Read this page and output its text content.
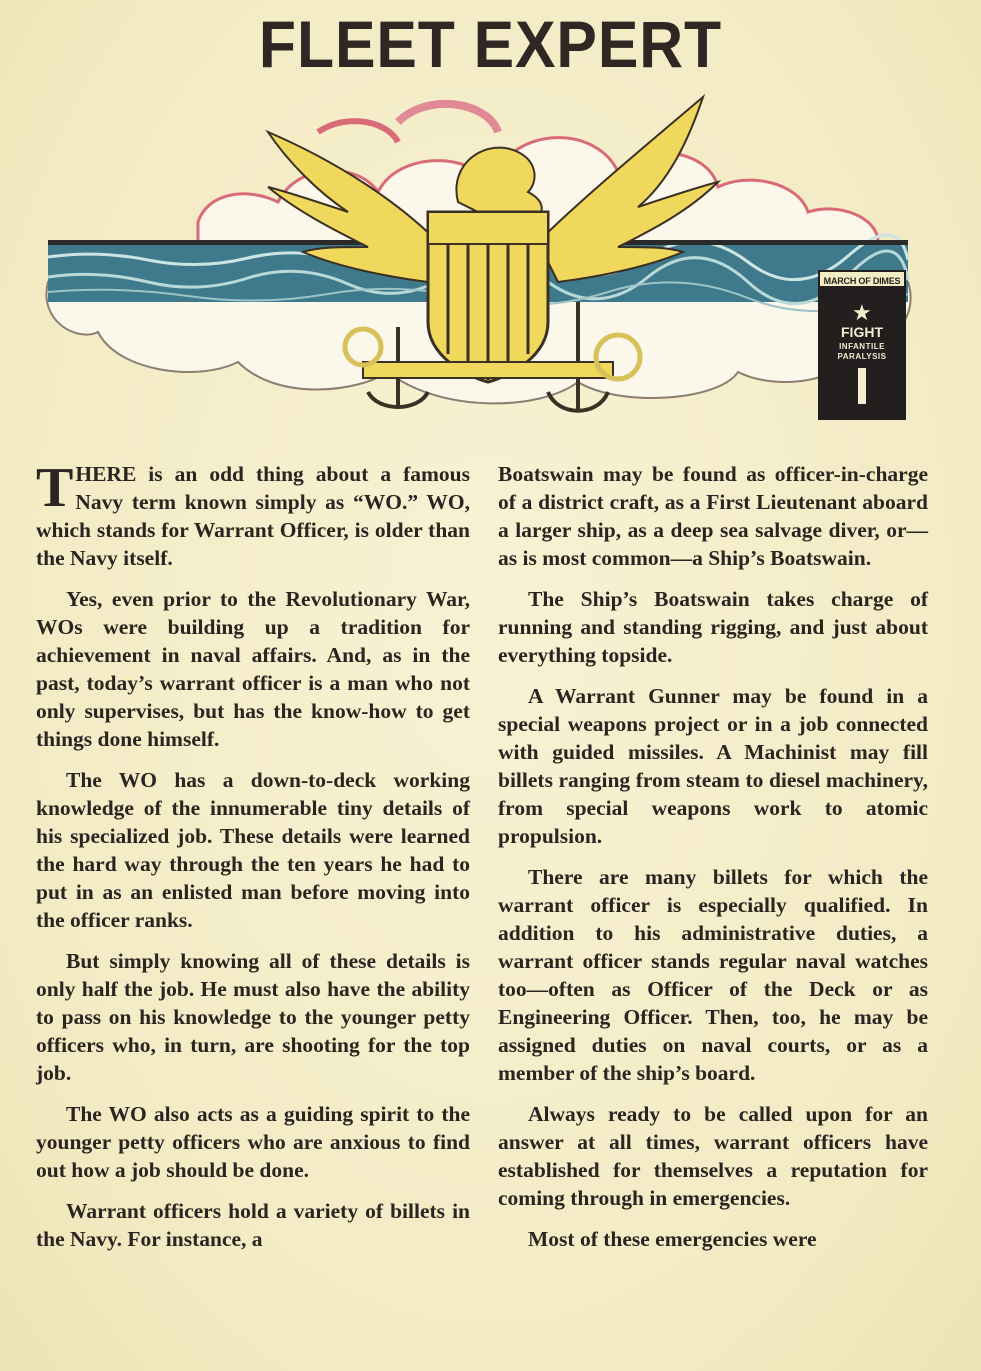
FLEET EXPERT
MARCH OF DIMES
★
FIGHT
INFANTILE
PARALYSIS

THERE is an odd thing about a famous Navy term known simply as “WO.” WO, which stands for Warrant Officer, is older than the Navy itself.

Yes, even prior to the Revolutionary War, WOs were building up a tradition for achievement in naval affairs. And, as in the past, today’s warrant officer is a man who not only supervises, but has the know-how to get things done himself.

The WO has a down-to-deck working knowledge of the innumerable tiny details of his specialized job. These details were learned the hard way through the ten years he had to put in as an enlisted man before moving into the officer ranks.

But simply knowing all of these details is only half the job. He must also have the ability to pass on his knowledge to the younger petty officers who, in turn, are shooting for the top job.

The WO also acts as a guiding spirit to the younger petty officers who are anxious to find out how a job should be done.

Warrant officers hold a variety of billets in the Navy. For instance, a

Boatswain may be found as officer-in-charge of a district craft, as a First Lieutenant aboard a larger ship, as a deep sea salvage diver, or—as is most common—a Ship’s Boatswain.

The Ship’s Boatswain takes charge of running and standing rigging, and just about everything topside.

A Warrant Gunner may be found in a special weapons project or in a job connected with guided missiles. A Machinist may fill billets ranging from steam to diesel machinery, from special weapons work to atomic propulsion.

There are many billets for which the warrant officer is especially qualified. In addition to his administrative duties, a warrant officer stands regular naval watches too—often as Officer of the Deck or as Engineering Officer. Then, too, he may be assigned duties on naval courts, or as a member of the ship’s board.

Always ready to be called upon for an answer at all times, warrant officers have established for themselves a reputation for coming through in emergencies.

Most of these emergencies were
